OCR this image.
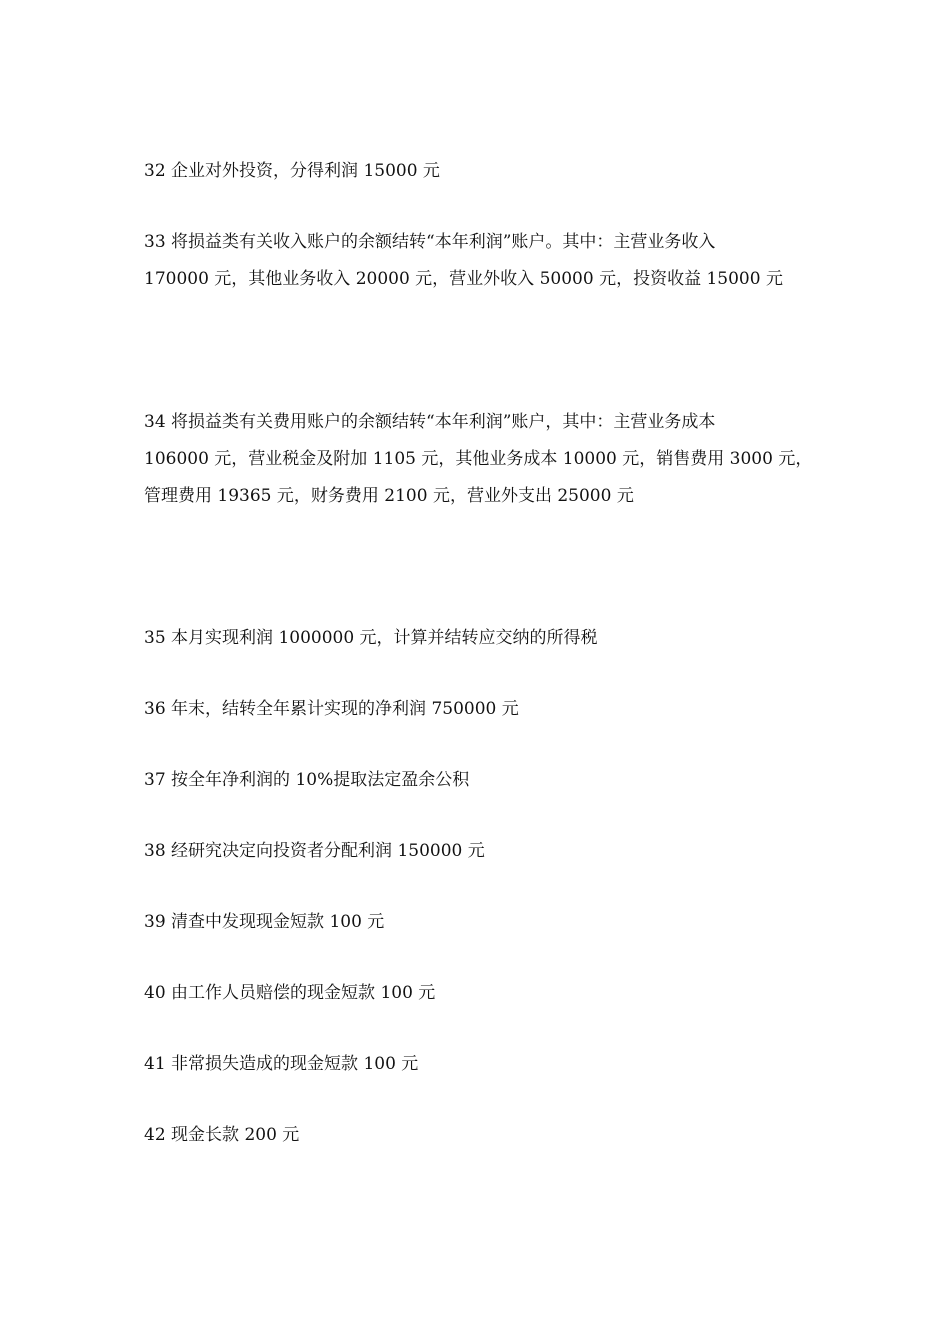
32 企业对外投资，分得利润 15000 元

33 将损益类有关收入账户的余额结转“本年利润”账户。其中：主营业务收入
170000 元，其他业务收入 20000 元，营业外收入 50000 元，投资收益 15000 元

34 将损益类有关费用账户的余额结转“本年利润”账户，其中：主营业务成本
106000 元，营业税金及附加 1105 元，其他业务成本 10000 元，销售费用 3000 元，
管理费用 19365 元，财务费用 2100 元，营业外支出 25000 元

35 本月实现利润 1000000 元，计算并结转应交纳的所得税

36 年末，结转全年累计实现的净利润 750000 元

37 按全年净利润的 10%提取法定盈余公积

38 经研究决定向投资者分配利润 150000 元

39 清查中发现现金短款 100 元

40 由工作人员赔偿的现金短款 100 元

41 非常损失造成的现金短款 100 元

42 现金长款 200 元
